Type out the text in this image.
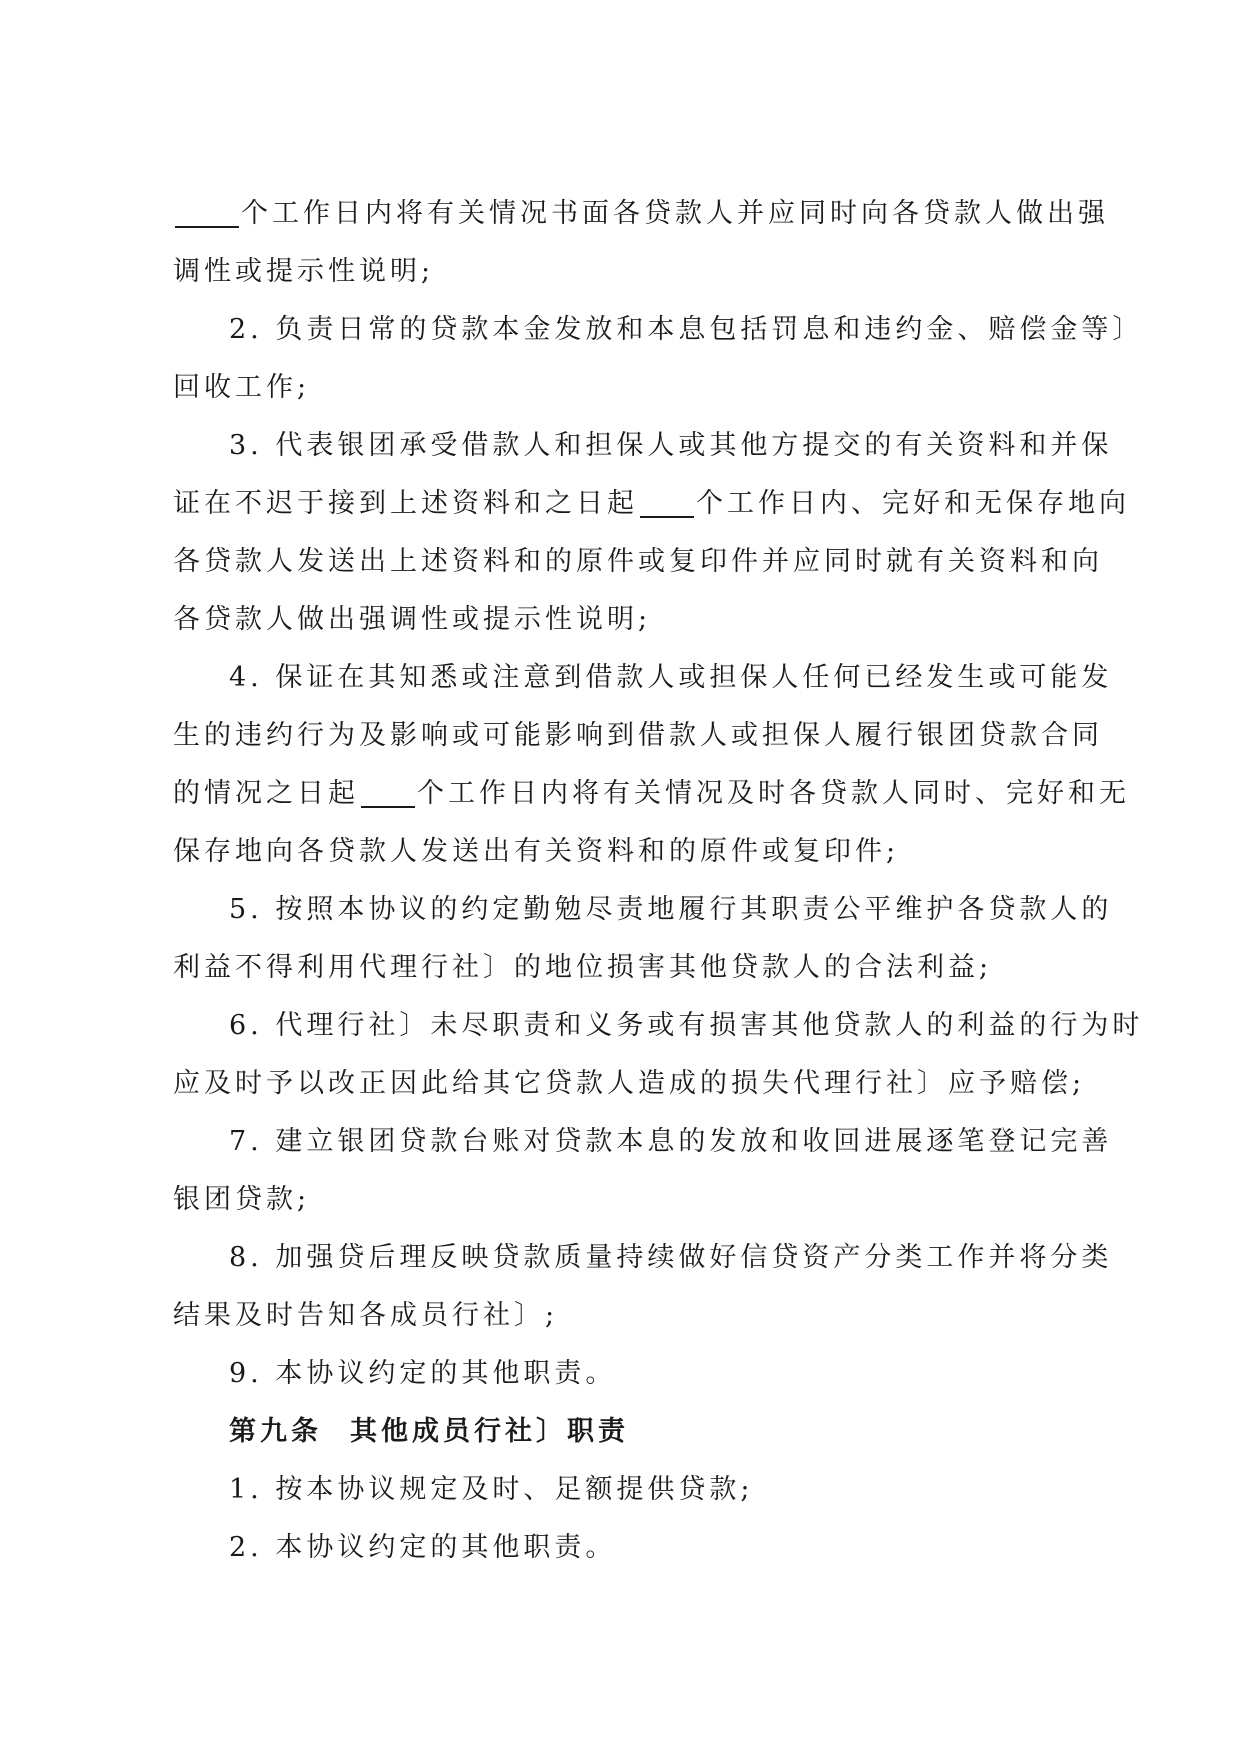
个工作日内将有关情况书面各贷款人并应同时向各贷款人做出强
调性或提示性说明;
2. 负责日常的贷款本金发放和本息包括罚息和违约金、赔偿金等〕
回收工作;
3. 代表银团承受借款人和担保人或其他方提交的有关资料和并保
证在不迟于接到上述资料和之日起 个工作日内、完好和无保存地向
各贷款人发送出上述资料和的原件或复印件并应同时就有关资料和向
各贷款人做出强调性或提示性说明;
4. 保证在其知悉或注意到借款人或担保人任何已经发生或可能发
生的违约行为及影响或可能影响到借款人或担保人履行银团贷款合同
的情况之日起 个工作日内将有关情况及时各贷款人同时、完好和无
保存地向各贷款人发送出有关资料和的原件或复印件;
5. 按照本协议的约定勤勉尽责地履行其职责公平维护各贷款人的
利益不得利用代理行社〕的地位损害其他贷款人的合法利益;
6. 代理行社〕未尽职责和义务或有损害其他贷款人的利益的行为时
应及时予以改正因此给其它贷款人造成的损失代理行社〕应予赔偿;
7. 建立银团贷款台账对贷款本息的发放和收回进展逐笔登记完善
银团贷款;
8. 加强贷后理反映贷款质量持续做好信贷资产分类工作并将分类
结果及时告知各成员行社〕;
9. 本协议约定的其他职责。
第九条 其他成员行社〕职责
1. 按本协议规定及时、足额提供贷款;
2. 本协议约定的其他职责。
